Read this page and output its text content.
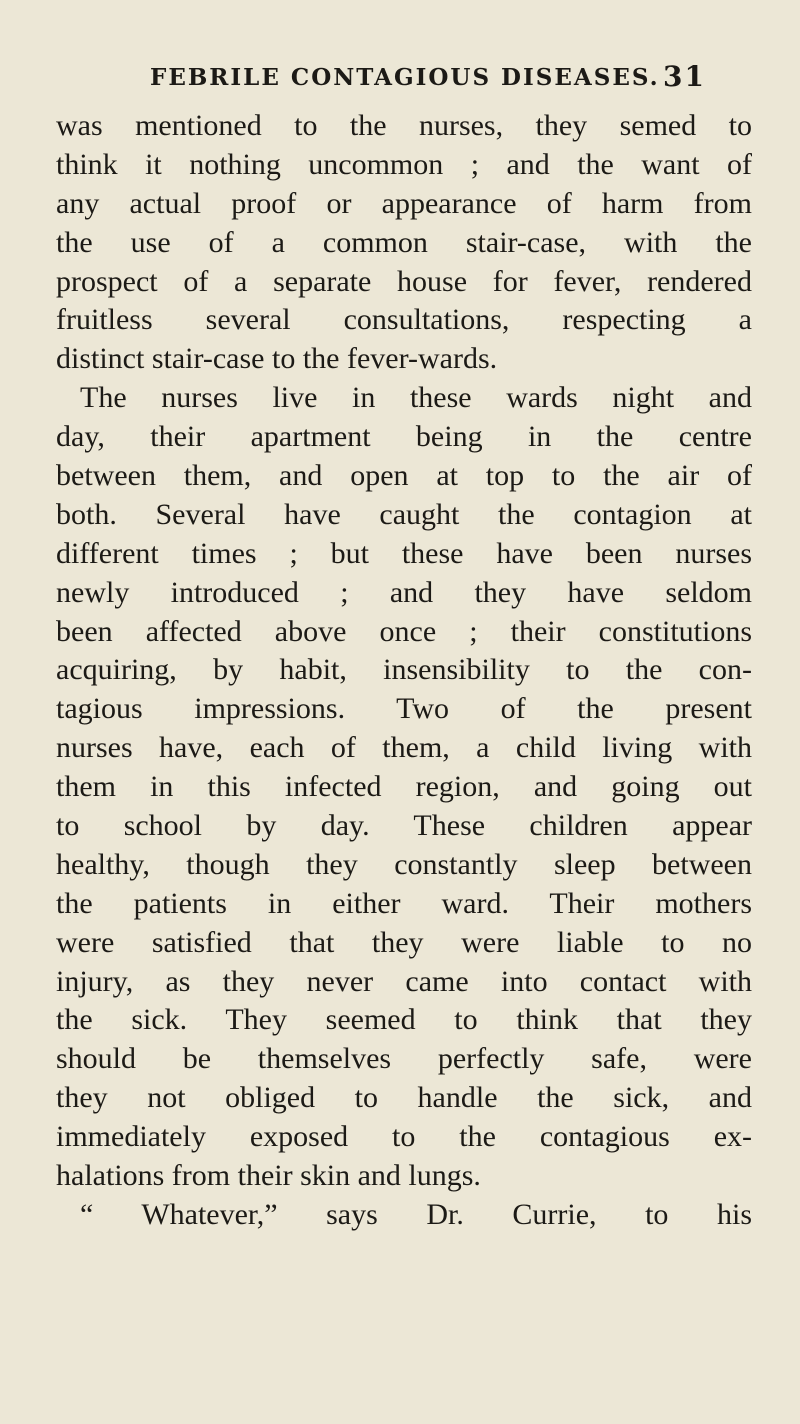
FEBRILE CONTAGIOUS DISEASES. 31
was mentioned to the nurses, they semed to
think it nothing uncommon ; and the want of
any actual proof or appearance of harm from
the use of a common stair-case, with the
prospect of a separate house for fever, rendered
fruitless several consultations, respecting a
distinct stair-case to the fever-wards.
The nurses live in these wards night and
day, their apartment being in the centre
between them, and open at top to the air of
both. Several have caught the contagion at
different times ; but these have been nurses
newly introduced ; and they have seldom
been affected above once ; their constitutions
acquiring, by habit, insensibility to the con-
tagious impressions. Two of the present
nurses have, each of them, a child living with
them in this infected region, and going out
to school by day. These children appear
healthy, though they constantly sleep between
the patients in either ward. Their mothers
were satisfied that they were liable to no
injury, as they never came into contact with
the sick. They seemed to think that they
should be themselves perfectly safe, were
they not obliged to handle the sick, and
immediately exposed to the contagious ex-
halations from their skin and lungs.
“ Whatever,” says Dr. Currie, to his
